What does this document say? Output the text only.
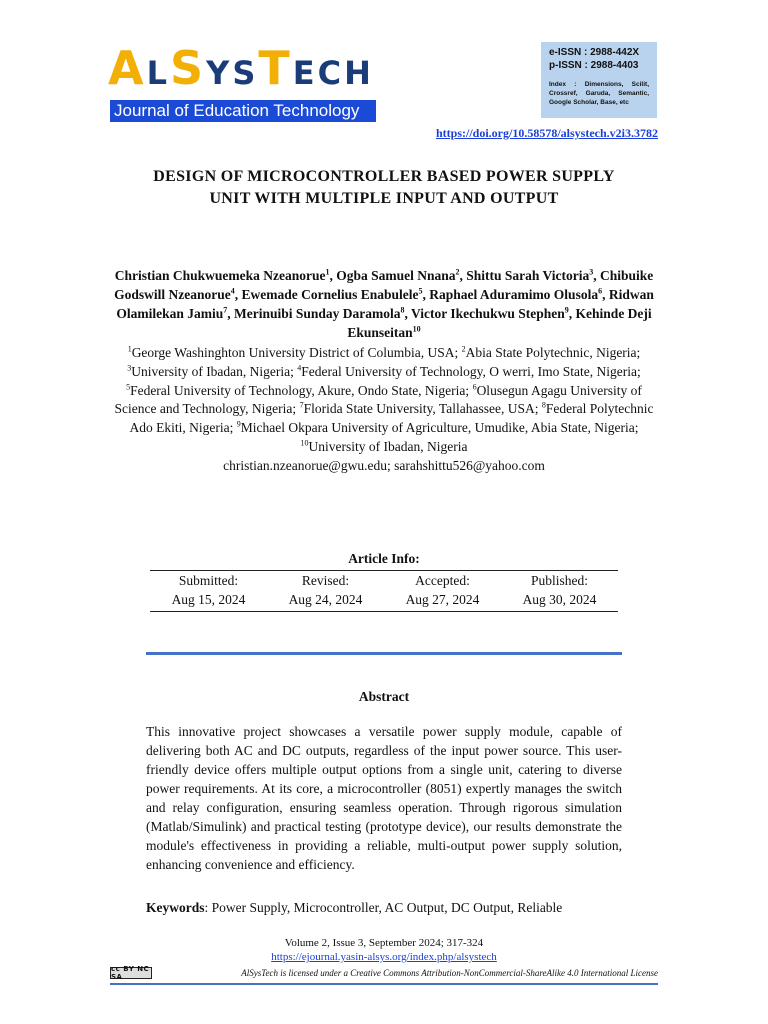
ALSYSTECH
Journal of Education Technology
e-ISSN : 2988-442X
p-ISSN : 2988-4403
Index : Dimensions, Scilit, Crossref, Garuda, Semantic, Google Scholar, Base, etc
https://doi.org/10.58578/alsystech.v2i3.3782
DESIGN OF MICROCONTROLLER BASED POWER SUPPLY
UNIT WITH MULTIPLE INPUT AND OUTPUT
Christian Chukwuemeka Nzeanorue$^1$, Ogba Samuel Nnana$^2$, Shittu Sarah Victoria$^3$, Chibuike Godswill Nzeanorue$^4$, Ewemade Cornelius Enabulele$^5$, Raphael Aduramimo Olusola$^6$, Ridwan Olamilekan Jamiu$^7$, Merinuibi Sunday Daramola$^8$, Victor Ikechukwu Stephen$^9$, Kehinde Deji Ekunseitan$^{10}$
$^1$George Washinghton University District of Columbia, USA; $^2$Abia State Polytechnic, Nigeria; $^3$University of Ibadan, Nigeria; $^4$Federal University of Technology, O werri, Imo State, Nigeria; $^5$Federal University of Technology, Akure, Ondo State, Nigeria; $^6$Olusegun Agagu University of Science and Technology, Nigeria; $^7$Florida State University, Tallahassee, USA; $^8$Federal Polytechnic Ado Ekiti, Nigeria; $^9$Michael Okpara University of Agriculture, Umudike, Abia State, Nigeria; $^{10}$University of Ibadan, Nigeria
christian.nzeanorue@gwu.edu; sarahshittu526@yahoo.com
Article Info:
Submitted:	Revised:	Accepted:	Published:
Aug 15, 2024	Aug 24, 2024	Aug 27, 2024	Aug 30, 2024
Abstract
This innovative project showcases a versatile power supply module, capable of delivering both AC and DC outputs, regardless of the input power source. This user-friendly device offers multiple output options from a single unit, catering to diverse power requirements. At its core, a microcontroller (8051) expertly manages the switch and relay configuration, ensuring seamless operation. Through rigorous simulation (Matlab/Simulink) and practical testing (prototype device), our results demonstrate the module's effectiveness in providing a reliable, multi-output power supply solution, enhancing convenience and efficiency.
Keywords: Power Supply, Microcontroller, AC Output, DC Output, Reliable
Volume 2, Issue 3, September 2024; 317-324
https://ejournal.yasin-alsys.org/index.php/alsystech
cc BY NC SA	AlSysTech is licensed under a Creative Commons Attribution-NonCommercial-ShareAlike 4.0 International License
